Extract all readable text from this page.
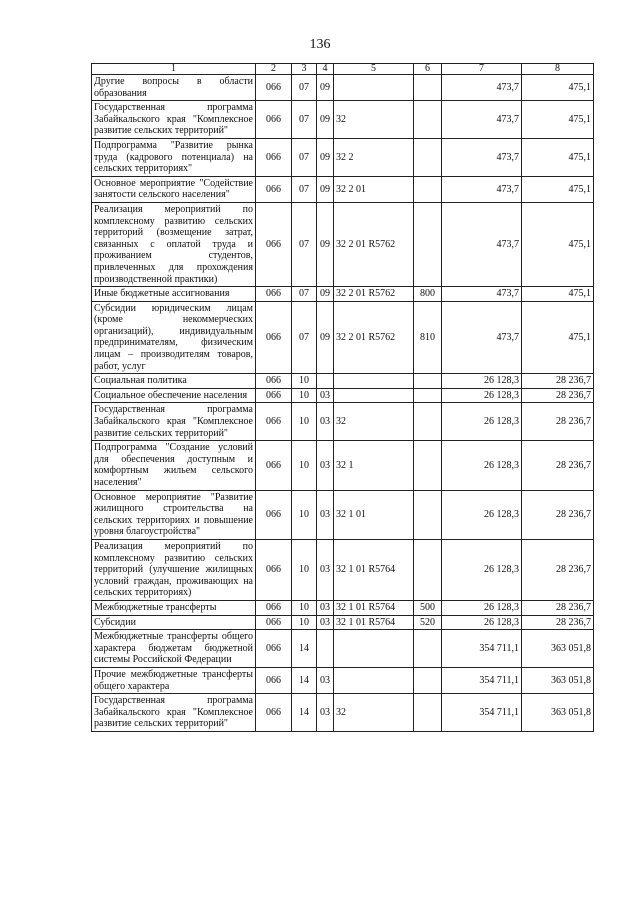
136
1	2	3	4	5	6	7	8
Другие вопросы в области образования	066	07	09			473,7	475,1
Государственная программа Забайкальского края "Комплексное развитие сельских территорий"	066	07	09	32		473,7	475,1
Подпрограмма "Развитие рынка труда (кадрового потенциала) на сельских территориях"	066	07	09	32 2		473,7	475,1
Основное мероприятие "Содействие занятости сельского населения"	066	07	09	32 2 01		473,7	475,1
Реализация мероприятий по комплексному развитию сельских территорий (возмещение затрат, связанных с оплатой труда и проживанием студентов, привлеченных для прохождения производственной практики)	066	07	09	32 2 01 R5762		473,7	475,1
Иные бюджетные ассигнования	066	07	09	32 2 01 R5762	800	473,7	475,1
Субсидии юридическим лицам (кроме некоммерческих организаций), индивидуальным предпринимателям, физическим лицам – производителям товаров, работ, услуг	066	07	09	32 2 01 R5762	810	473,7	475,1
Социальная политика	066	10				26 128,3	28 236,7
Социальное обеспечение населения	066	10	03			26 128,3	28 236,7
Государственная программа Забайкальского края "Комплексное развитие сельских территорий"	066	10	03	32		26 128,3	28 236,7
Подпрограмма "Создание условий для обеспечения доступным и комфортным жильем сельского населения"	066	10	03	32 1		26 128,3	28 236,7
Основное мероприятие "Развитие жилищного строительства на сельских территориях и повышение уровня благоустройства"	066	10	03	32 1 01		26 128,3	28 236,7
Реализация мероприятий по комплексному развитию сельских территорий (улучшение жилищных условий граждан, проживающих на сельских территориях)	066	10	03	32 1 01 R5764		26 128,3	28 236,7
Межбюджетные трансферты	066	10	03	32 1 01 R5764	500	26 128,3	28 236,7
Субсидии	066	10	03	32 1 01 R5764	520	26 128,3	28 236,7
Межбюджетные трансферты общего характера бюджетам бюджетной системы Российской Федерации	066	14				354 711,1	363 051,8
Прочие межбюджетные трансферты общего характера	066	14	03			354 711,1	363 051,8
Государственная программа Забайкальского края "Комплексное развитие сельских территорий"	066	14	03	32		354 711,1	363 051,8
